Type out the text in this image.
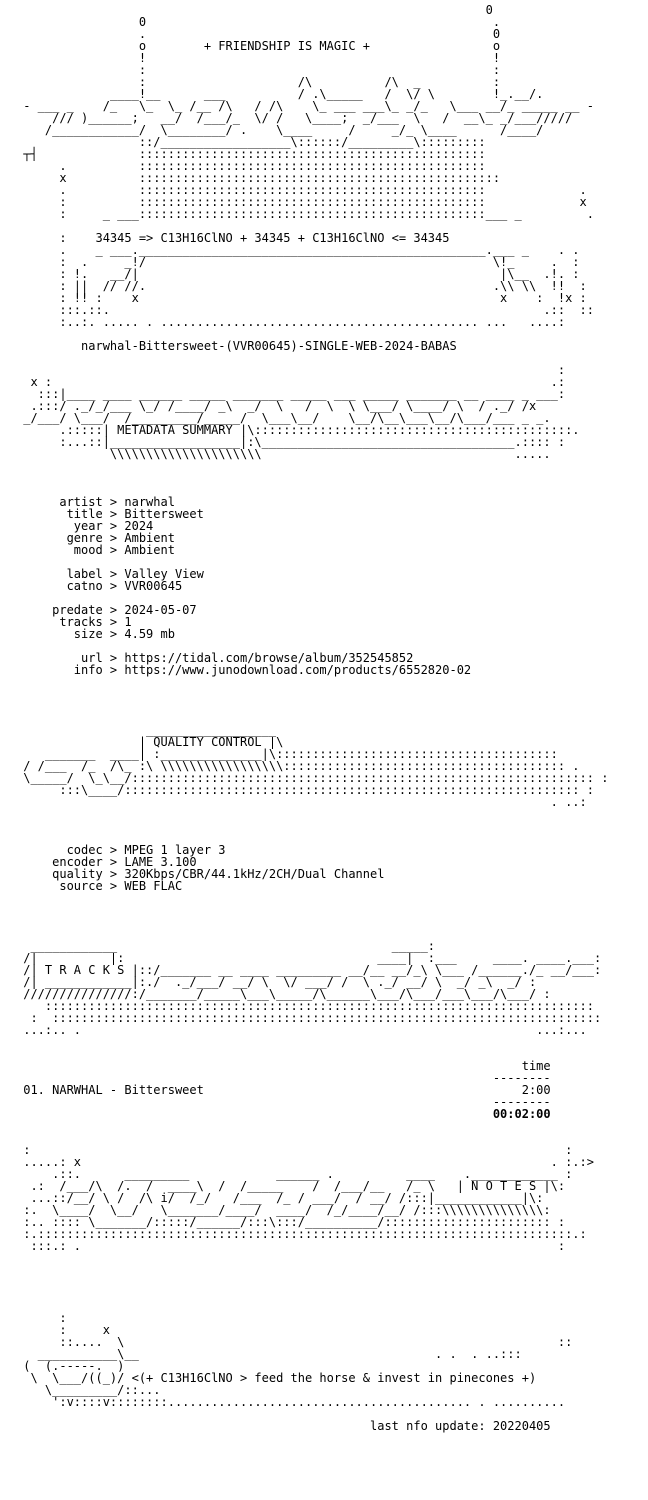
0
0                                                .
.                                                0
o        + FRIENDSHIP IS MAGIC +                 o
!                                                !
:                                                :
:                     /\          /\  _          :
____!__      ___          / .\_____   /  \/ \        !_.__/.
- ___ _    /_   \_  \_ /__ /\   / /\    \_ ___ ___\_ _/_   \___ __/_ _____ __ -
/// )______;   __/  /___/_  \/ /   \____;  _/___  \   /  __\_ _/___/////
/____________/  \________/ .    \____     /     _/_ \____      /____/
::/__________________\::::::/_________\:::::::::
┬┤              ::::::::::::::::::::::::::::::::::::::::::::::::
.          ::::::::::::::::::::::::::::::::::::::::::::::::
x          ::::::::::::::::::::::::::::::::::::::::::::::::::
.          ::::::::::::::::::::::::::::::::::::::::::::::::             .
:          ::::::::::::::::::::::::::::::::::::::::::::::::             x
:     _ ___::::::::::::::::::::::::::::::::::::::::::::::::___ _         .
:    34345 => C13H16ClNO + 34345 + C13H16ClNO <= 34345
.    _ ___.________________________________________________.___ _    . .
:  .     _!/                                                \!_     .  :
: !.   __/|                                                  |\__  .!. :
: ||  // //.                                                .\\ \\  !!  :
: !! :    x                                                  x    :  !x :
:::.::.                                                            .::  ::
:..:. ..... . ............................................ ...   ....:

narwhal-Bittersweet-(VVR00645)-SINGLE-WEB-2024-BABAS

:
x :                                                                     .:
:::|____ ____ ______ _____ _______ _____ ___ _____ _______ __ ____ _ ___:
.:::/ ._/_/___ \_/ /____/ _\  _/  \   /  \  \ \___/ \____/ \  / ._/ /x
_/___/ \___/  /_________/_____/  \___\__/    \__/\__\___\__/\___/___ _ _.
.:::::| METADATA SUMMARY |\::::::::::::::::::::::::::::::::::::::::::::.
:...::|__________________|:\___________________________________.:::: :
\\\\\\\\\\\\\\\\\\\\\                                   .....

artist > narwhal
title > Bittersweet
year > 2024
genre > Ambient
mood > Ambient
label > Valley View
catno > VVR00645
predate > 2024-05-07
tracks > 1
size > 4.59 mb
url > https://tidal.com/browse/album/352545852
info > https://www.junodownload.com/products/6552820-02

__________________
| QUALITY CONTROL |\
_______  ____| :______________|\:::::::::::::::::::::::::::::::::::::::
/ /___  /_  /\_ :\ \\\\\\\\\\\\\\\\\::::::::::::::::::::::::::::::::::::::: .
\_____/  \_\__/:::::::::::::::::::::::::::::::::::::::::::::::::::::::::::::::: :
:::\____/::::::::::::::::::::::::::::::::::::::::::::::::::::::::::::::: :
. ..:

codec > MPEG 1 layer 3
encoder > LAME 3.100
quality > 320Kbps/CBR/44.1kHz/2CH/Dual Channel
source > WEB FLAC

____________                                      _____:
/|          |:                                   ____|  :___     ____. ____.___:
/| T R A C K S |::/_______ __ ____ _________ __/__ __/_\ \___ /______./_ __/___:
/| ____________|:./  ._/___/ __/ \  \/ ___/ /  \ ._/ __/ \  _/ _\  _/ :
///////////////:/_______/_____\___\_____/\______\___/\___/___\___/\___/ :
::::::::::::::::::::::::::::::::::::::::::::::::::::::::::::::::::::::::::::
:  ::::::::::::::::::::::::::::::::::::::::::::::::::::::::::::::::::::::::::::
...:.. .                                                               ...:...

time
--------
01. NARWHAL - Bittersweet                                            2:00
--------
00:02:00

:                                                                          :
.....: x                                                                 . :.:>
.::.      _________            ______ .          ____    .____________ :
.:  /___/\  /.  /  ____\  /  /_____    /  /___/__   /_ \   | N O T E S |\:
...::/__/ \ /  /\ i/  /_/   /___  /_ / ___/  / __/ /:::|____________|\:
:.  \____/  \__/   \_______/____/  ____/  /_/____/__/ /:::\\\\\\\\\\\\\\:
:.. :::: \_______/:::::/______/:::\:::/__________/::::::::::::::::::::::: :
:.::::::::::::::::::::::::::::::::::::::::::::::::::::::::::::::::::::::::::.:
:::.: .                                                                  :

:
:     x
::....  \                                                            ::
___________\__                                         . .  . ..:::
(  (.-----.  )
\  \___/((_)/ <(+ C13H16ClNO > feed the horse & invest in pinecones +)
\_________/::...
':v::::v::::::::.......................................... . ..........
last nfo update: 20220405
